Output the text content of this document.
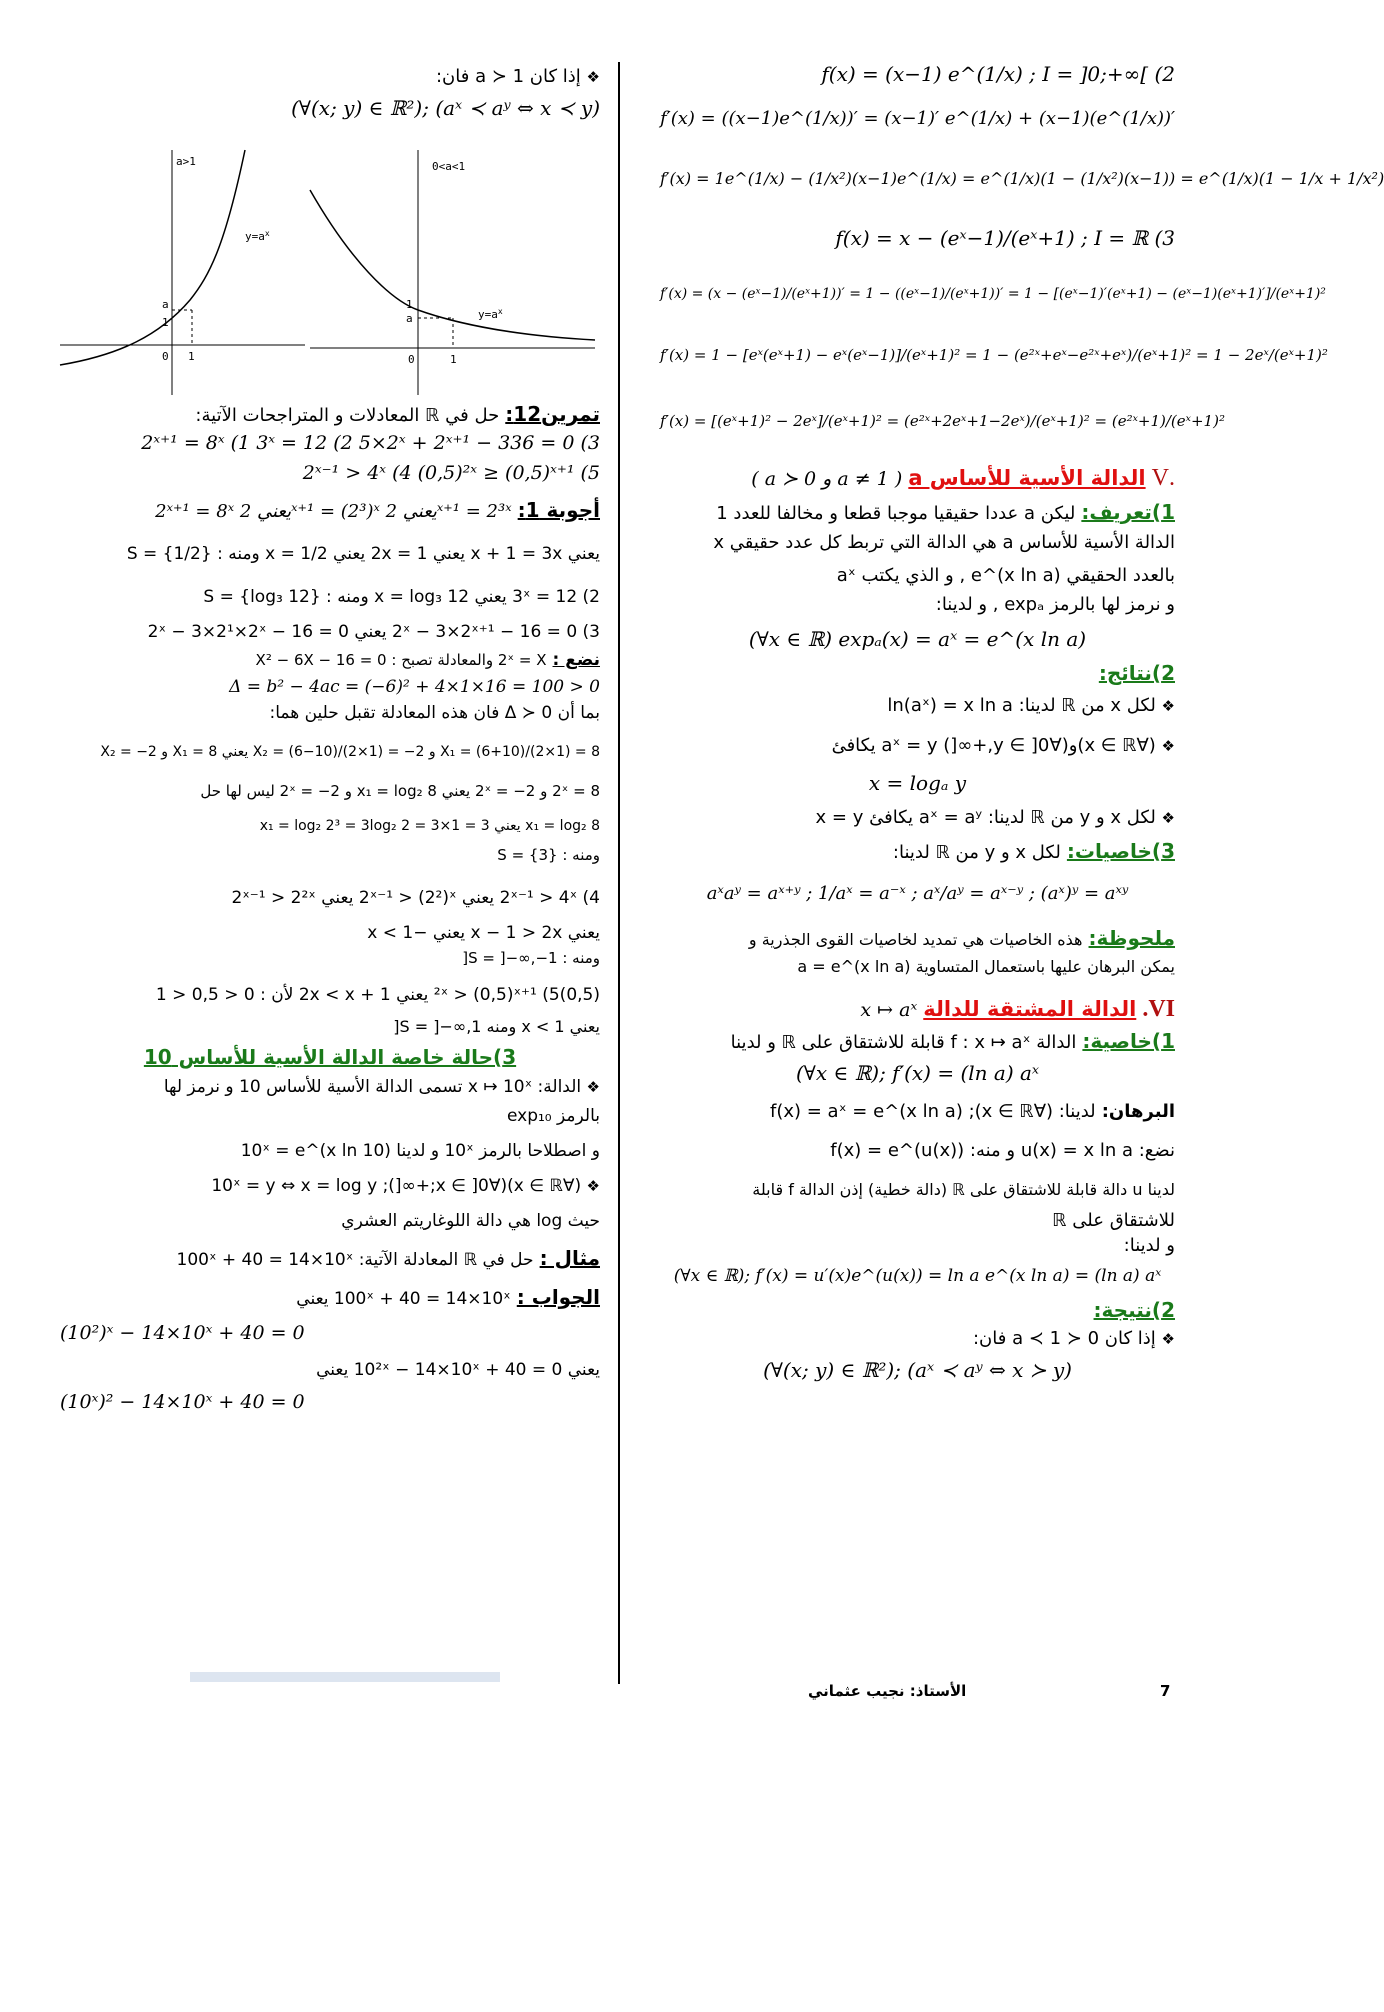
f(x) = (x−1) e^(1/x) ; I = ]0;+∞[ (2
f′(x) = ((x−1)e^(1/x))′ = (x−1)′ e^(1/x) + (x−1)(e^(1/x))′
f′(x) = 1e^(1/x) − (1/x²)(x−1)e^(1/x) = e^(1/x)(1 − (1/x²)(x−1)) = e^(1/x)(1 − 1/x + 1/x²)
f(x) = x − (eˣ−1)/(eˣ+1) ; I = ℝ (3
f′(x) = (x − (eˣ−1)/(eˣ+1))′ = 1 − ((eˣ−1)/(eˣ+1))′ = 1 − [(eˣ−1)′(eˣ+1) − (eˣ−1)(eˣ+1)′]/(eˣ+1)²
f′(x) = 1 − [eˣ(eˣ+1) − eˣ(eˣ−1)]/(eˣ+1)² = 1 − (e²ˣ+eˣ−e²ˣ+eˣ)/(eˣ+1)² = 1 − 2eˣ/(eˣ+1)²
f′(x) = [(eˣ+1)² − 2eˣ]/(eˣ+1)² = (e²ˣ+2eˣ+1−2eˣ)/(eˣ+1)² = (e²ˣ+1)/(eˣ+1)²

.V الدالة الأسية للأساس a ( a ≻ 0 و a ≠ 1 )

1)تعريف: ليكن a عددا حقيقيا موجبا قطعا و مخالفا للعدد 1

الدالة الأسية للأساس a هي الدالة التي تربط كل عدد حقيقي x

بالعدد الحقيقي e^(x ln a) , و الذي يكتب aˣ

و نرمز لها بالرمز expₐ , و لدينا:

(∀x ∈ ℝ) expₐ(x) = aˣ = e^(x ln a)

2)نتائج:

❖ لكل x من ℝ لدينا: ln(aˣ) = x ln a

❖ (∀x ∈ ℝ)و(∀y ∈ ]0,+∞[) aˣ = y يكافئ

x = logₐ y

❖ لكل x و y من ℝ لدينا: aˣ = aʸ يكافئ x = y

3)خاصيات: لكل x و y من ℝ لدينا:

aˣaʸ = aˣ⁺ʸ ; 1/aˣ = a⁻ˣ ; aˣ/aʸ = aˣ⁻ʸ ; (aˣ)ʸ = aˣʸ

ملحوظة: هذه الخاصيات هي تمديد لخاصيات القوى الجذرية و

يمكن البرهان عليها باستعمال المتساوية a = e^(x ln a)

VI. الدالة المشتقة للدالة x ↦ aˣ

1)خاصية: الدالة f : x ↦ aˣ قابلة للاشتقاق على ℝ و لدينا

(∀x ∈ ℝ); f′(x) = (ln a) aˣ

البرهان: لدينا: (∀x ∈ ℝ); f(x) = aˣ = e^(x ln a)

نضع: u(x) = x ln a و منه: f(x) = e^(u(x))

لدينا u دالة قابلة للاشتقاق على ℝ (دالة خطية) إذن الدالة f قابلة

للاشتقاق على ℝ

و لدينا:

(∀x ∈ ℝ); f′(x) = u′(x)e^(u(x)) = ln a e^(x ln a) = (ln a) aˣ

2)نتيجة:

❖ إذا كان 0 ≺ a ≺ 1 فان:

(∀(x; y) ∈ ℝ²); (aˣ ≺ aʸ ⇔ x ≻ y)

❖ إذا كان a ≻ 1 فان:

(∀(x; y) ∈ ℝ²); (aˣ ≺ aʸ ⇔ x ≺ y)
a>1
$y=a^x$
a
1
0 1
0<a<1
$y=a^x$
1
a
0	1

تمرين12: حل في ℝ المعادلات و المتراجحات الآتية:

2ˣ⁺¹ = 8ˣ (1 3ˣ = 12 (2 5×2ˣ + 2ˣ⁺¹ − 336 = 0 (3
2ˣ⁻¹ > 4ˣ (4 (0,5)²ˣ ≥ (0,5)ˣ⁺¹ (5

أجوبة 1: 2ˣ⁺¹ = 8ˣ يعني 2ˣ⁺¹ = (2³)ˣ يعني 2ˣ⁺¹ = 2³ˣ

يعني x + 1 = 3x يعني 2x = 1 يعني x = 1/2 ومنه : S = {1/2}

3ˣ = 12 (2 يعني x = log₃ 12 ومنه : S = {log₃ 12}

2ˣ − 3×2ˣ⁺¹ − 16 = 0 (3 يعني 2ˣ − 3×2¹×2ˣ − 16 = 0

نضع : 2ˣ = X والمعادلة تصبح : X² − 6X − 16 = 0

Δ = b² − 4ac = (−6)² + 4×1×16 = 100 > 0

بما أن Δ ≻ 0 فان هذه المعادلة تقبل حلين هما:

X₁ = (6+10)/(2×1) = 8 و X₂ = (6−10)/(2×1) = −2 يعني X₁ = 8 و X₂ = −2

2ˣ = 8 و 2ˣ = −2 يعني x₁ = log₂ 8 و 2ˣ = −2 ليس لها حل

x₁ = log₂ 8 يعني x₁ = log₂ 2³ = 3log₂ 2 = 3×1 = 3

ومنه : S = {3}

2ˣ⁻¹ > 4ˣ (4 يعني 2ˣ⁻¹ > (2²)ˣ يعني 2ˣ⁻¹ > 2²ˣ

يعني x − 1 > 2x يعني −1 > x

ومنه : S = ]−∞,−1[

(0,5)²ˣ > (0,5)ˣ⁺¹ (5 يعني 2x < x + 1 لأن : 0 < 0,5 < 1

يعني x < 1 ومنه S = ]−∞,1[

3)حالة خاصة الدالة الأسية للأساس 10

❖ الدالة: x ↦ 10ˣ تسمى الدالة الأسية للأساس 10 و نرمز لها

بالرمز exp₁₀

و اصطلاحا بالرمز 10ˣ و لدينا 10ˣ = e^(x ln 10)

❖ (∀x ∈ ℝ)(∀x ∈ ]0;+∞[); 10ˣ = y ⇔ x = log y

حيث log هي دالة اللوغاريتم العشري

مثال : حل في ℝ المعادلة الآتية: 100ˣ + 40 = 14×10ˣ

الجواب : 100ˣ + 40 = 14×10ˣ يعني

(10²)ˣ − 14×10ˣ + 40 = 0

يعني 10²ˣ − 14×10ˣ + 40 = 0 يعني

(10ˣ)² − 14×10ˣ + 40 = 0
7
الأستاذ: نجيب عثماني
